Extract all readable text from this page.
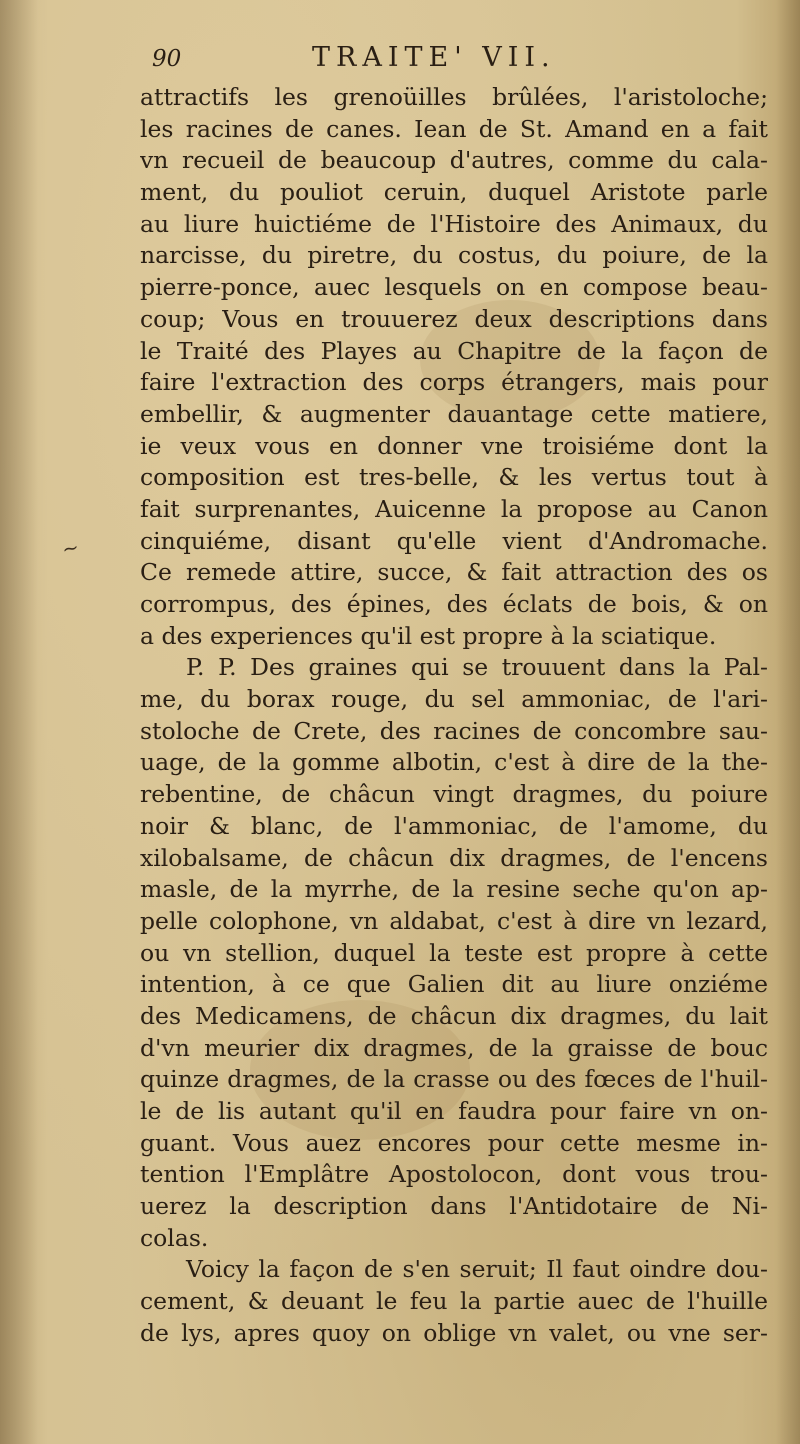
~
90	TRAITE' VII.
attractifs les grenoüilles brûlées, l'aristoloche;
les racines de canes. Iean de St. Amand en a fait
vn recueil de beaucoup d'autres, comme du cala-
ment, du pouliot ceruin, duquel Aristote parle
au liure huictiéme de l'Histoire des Animaux, du
narcisse, du piretre, du costus, du poiure, de la
pierre-ponce, auec lesquels on en compose beau-
coup; Vous en trouuerez deux descriptions dans
le Traité des Playes au Chapitre de la façon de
faire l'extraction des corps étrangers, mais pour
embellir, & augmenter dauantage cette matiere,
ie veux vous en donner vne troisiéme dont la
composition est tres-belle, & les vertus tout à
fait surprenantes, Auicenne la propose au Canon
cinquiéme, disant qu'elle vient d'Andromache.
Ce remede attire, succe, & fait attraction des os
corrompus, des épines, des éclats de bois, & on
a des experiences qu'il est propre à la sciatique.
P. P. Des graines qui se trouuent dans la Pal-
me, du borax rouge, du sel ammoniac, de l'ari-
stoloche de Crete, des racines de concombre sau-
uage, de la gomme albotin, c'est à dire de la the-
rebentine, de châcun vingt dragmes, du poiure
noir & blanc, de l'ammoniac, de l'amome, du
xilobalsame, de châcun dix dragmes, de l'encens
masle, de la myrrhe, de la resine seche qu'on ap-
pelle colophone, vn aldabat, c'est à dire vn lezard,
ou vn stellion, duquel la teste est propre à cette
intention, à ce que Galien dit au liure onziéme
des Medicamens, de châcun dix dragmes, du lait
d'vn meurier dix dragmes, de la graisse de bouc
quinze dragmes, de la crasse ou des fœces de l'huil-
le de lis autant qu'il en faudra pour faire vn on-
guant. Vous auez encores pour cette mesme in-
tention l'Emplâtre Apostolocon, dont vous trou-
uerez la description dans l'Antidotaire de Ni-
colas.
Voicy la façon de s'en seruit; Il faut oindre dou-
cement, & deuant le feu la partie auec de l'huille
de lys, apres quoy on oblige vn valet, ou vne ser-
